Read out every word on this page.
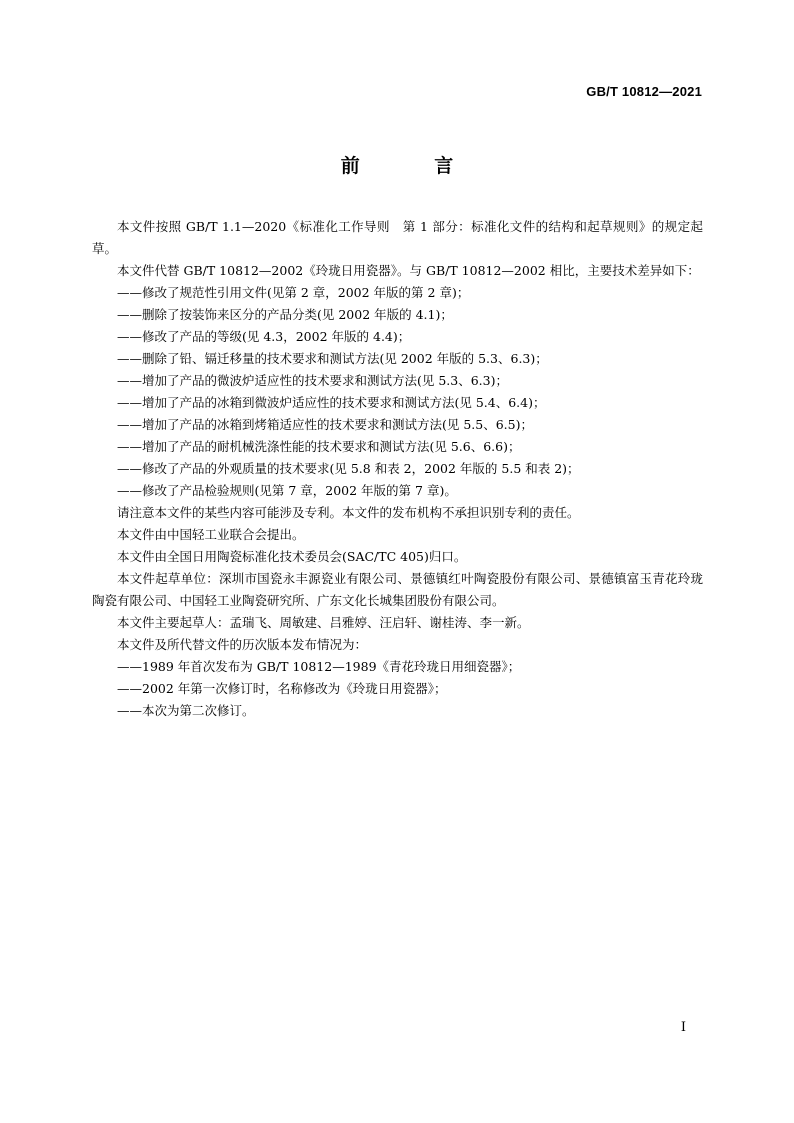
GB/T 10812—2021
前 言

本文件按照 GB/T 1.1—2020《标准化工作导则　第 1 部分：标准化文件的结构和起草规则》的规定起草。

本文件代替 GB/T 10812—2002《玲珑日用瓷器》。与 GB/T 10812—2002 相比，主要技术差异如下：

——修改了规范性引用文件(见第 2 章，2002 年版的第 2 章)；

——删除了按装饰来区分的产品分类(见 2002 年版的 4.1)；

——修改了产品的等级(见 4.3，2002 年版的 4.4)；

——删除了铅、镉迁移量的技术要求和测试方法(见 2002 年版的 5.3、6.3)；

——增加了产品的微波炉适应性的技术要求和测试方法(见 5.3、6.3)；

——增加了产品的冰箱到微波炉适应性的技术要求和测试方法(见 5.4、6.4)；

——增加了产品的冰箱到烤箱适应性的技术要求和测试方法(见 5.5、6.5)；

——增加了产品的耐机械洗涤性能的技术要求和测试方法(见 5.6、6.6)；

——修改了产品的外观质量的技术要求(见 5.8 和表 2，2002 年版的 5.5 和表 2)；

——修改了产品检验规则(见第 7 章，2002 年版的第 7 章)。

请注意本文件的某些内容可能涉及专利。本文件的发布机构不承担识别专利的责任。

本文件由中国轻工业联合会提出。

本文件由全国日用陶瓷标准化技术委员会(SAC/TC 405)归口。

本文件起草单位：深圳市国瓷永丰源瓷业有限公司、景德镇红叶陶瓷股份有限公司、景德镇富玉青花玲珑陶瓷有限公司、中国轻工业陶瓷研究所、广东文化长城集团股份有限公司。

本文件主要起草人：孟瑞飞、周敏建、吕雅婷、汪启轩、谢桂涛、李一新。

本文件及所代替文件的历次版本发布情况为：

——1989 年首次发布为 GB/T 10812—1989《青花玲珑日用细瓷器》；

——2002 年第一次修订时，名称修改为《玲珑日用瓷器》；

——本次为第二次修订。

I
